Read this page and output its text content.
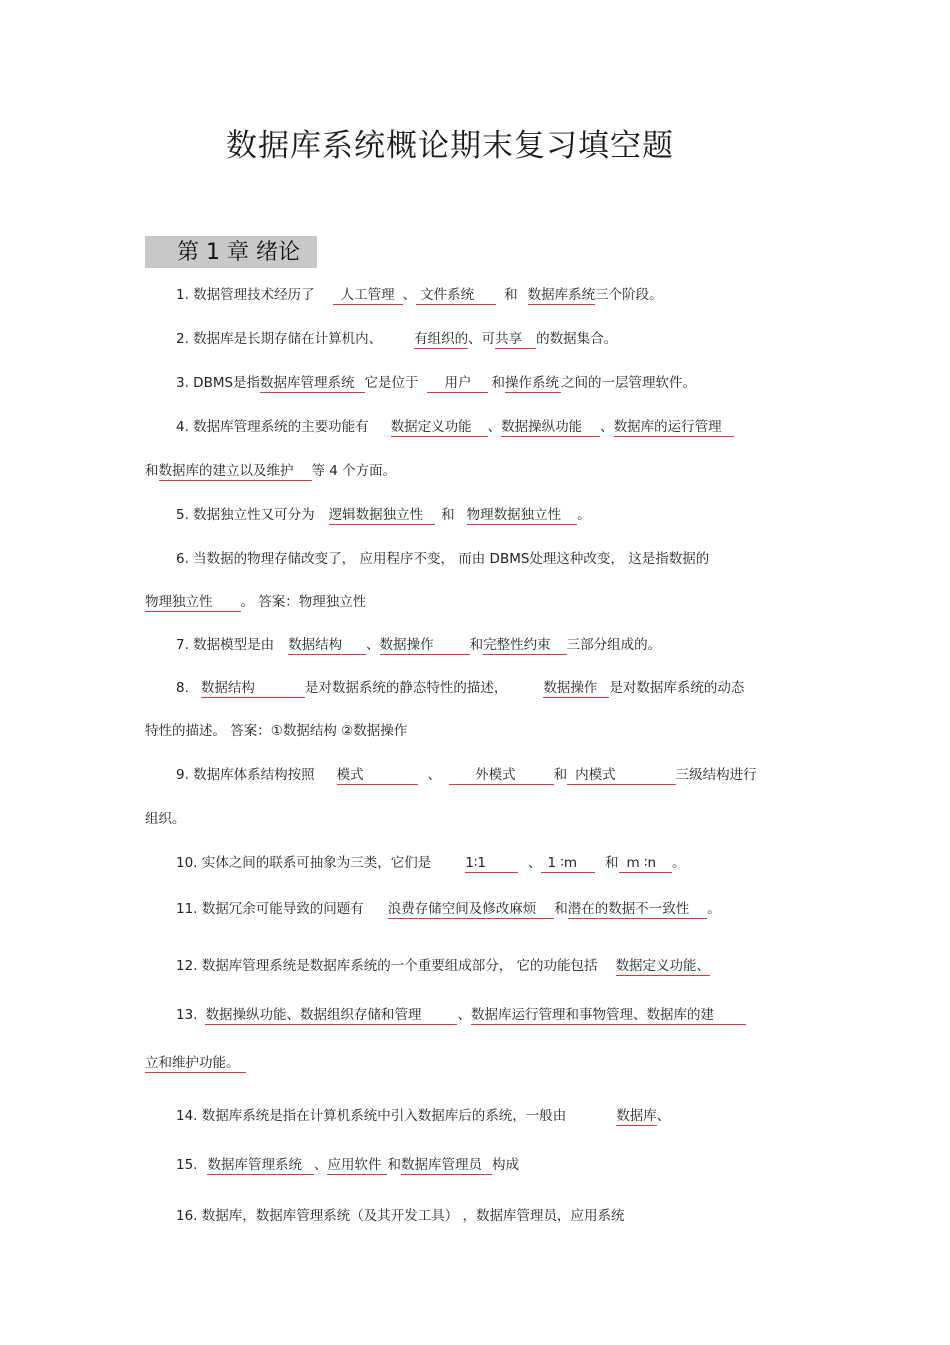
数据库系统概论期末复习填空题
第 1 章 绪论
1. 数据管理技术经历了 人工管理 、 文件系统 和 数据库系统三个阶段。
2. 数据库是长期存储在计算机内、 有组织的、可共享 的数据集合。
3. DBMS是指数据库管理系统 它是位于 用户 和操作系统 之间的一层管理软件。
4. 数据库管理系统的主要功能有 数据定义功能 、数据操纵功能 、数据库的运行管理
和数据库的建立以及维护 等 4 个方面。
5. 数据独立性又可分为 逻辑数据独立性 和 物理数据独立性 。
6. 当数据的物理存储改变了， 应用程序不变， 而由 DBMS处理这种改变， 这是指数据的
物理独立性 。 答案：物理独立性
7. 数据模型是由 数据结构 、数据操作	和完整性约束 三部分组成的。
8. 数据结构	是对数据系统的静态特性的描述，	数据操作 是对数据库系统的动态
特性的描述。 答案：①数据结构 ②数据操作
9. 数据库体系结构按照 模式	、	外模式	和 内模式	三级结构进行
组织。
10. 实体之间的联系可抽象为三类，它们是	1∶1	、 1 ∶m 和 m ∶n 。
11. 数据冗余可能导致的问题有 浪费存储空间及修改麻烦 和潜在的数据不一致性 。
12. 数据库管理系统是数据库系统的一个重要组成部分， 它的功能包括 数据定义功能、
13. 数据操纵功能、数据组织存储和管理	、数据库运行管理和事物管理、数据库的建
立和维护功能。
14. 数据库系统是指在计算机系统中引入数据库后的系统，一般由	数据库、
15. 数据库管理系统 、应用软件 和数据库管理员 构成
16. 数据库，数据库管理系统（及其开发工具） ，数据库管理员，应用系统
